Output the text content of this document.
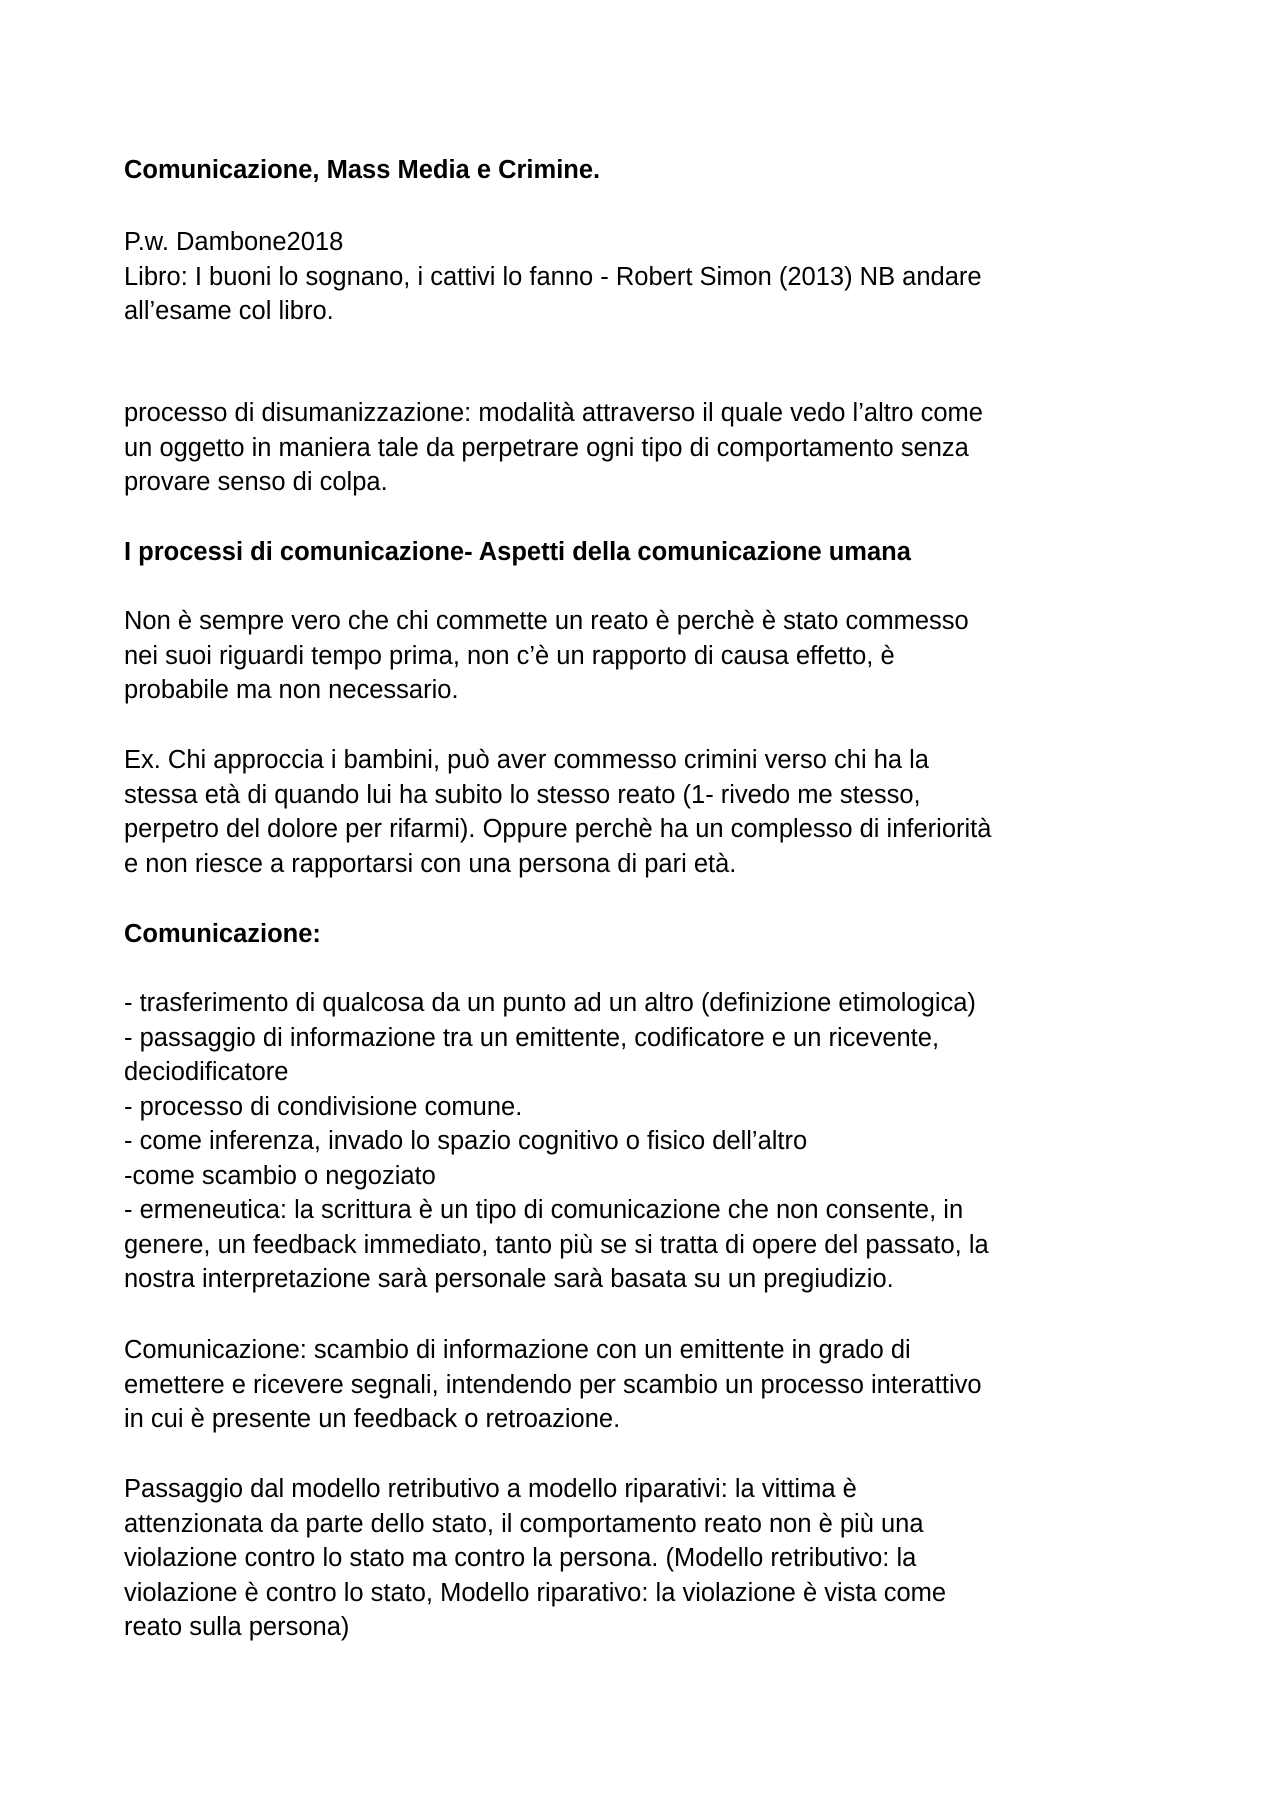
Comunicazione, Mass Media e Crimine.
P.w. Dambone2018
Libro: I buoni lo sognano, i cattivi lo fanno - Robert Simon (2013) NB andare
all’esame col libro.
processo di disumanizzazione: modalità attraverso il quale vedo l’altro come
un oggetto in maniera tale da perpetrare ogni tipo di comportamento senza
provare senso di colpa.
I processi di comunicazione- Aspetti della comunicazione umana
Non è sempre vero che chi commette un reato è perchè è stato commesso
nei suoi riguardi tempo prima, non c’è un rapporto di causa effetto, è
probabile ma non necessario.
Ex. Chi approccia i bambini, può aver commesso crimini verso chi ha la
stessa età di quando lui ha subito lo stesso reato (1- rivedo me stesso,
perpetro del dolore per rifarmi). Oppure perchè ha un complesso di inferiorità
e non riesce a rapportarsi con una persona di pari età.
Comunicazione:
- trasferimento di qualcosa da un punto ad un altro (definizione etimologica)
- passaggio di informazione tra un emittente, codificatore e un ricevente,
deciodificatore
- processo di condivisione comune.
- come inferenza, invado lo spazio cognitivo o fisico dell’altro
-come scambio o negoziato
- ermeneutica: la scrittura è un tipo di comunicazione che non consente, in
genere, un feedback immediato, tanto più se si tratta di opere del passato, la
nostra interpretazione sarà personale sarà basata su un pregiudizio.
Comunicazione: scambio di informazione con un emittente in grado di
emettere e ricevere segnali, intendendo per scambio un processo interattivo
in cui è presente un feedback o retroazione.
Passaggio dal modello retributivo a modello riparativi: la vittima è
attenzionata da parte dello stato, il comportamento reato non è più una
violazione contro lo stato ma contro la persona. (Modello retributivo: la
violazione è contro lo stato, Modello riparativo: la violazione è vista come
reato sulla persona)
